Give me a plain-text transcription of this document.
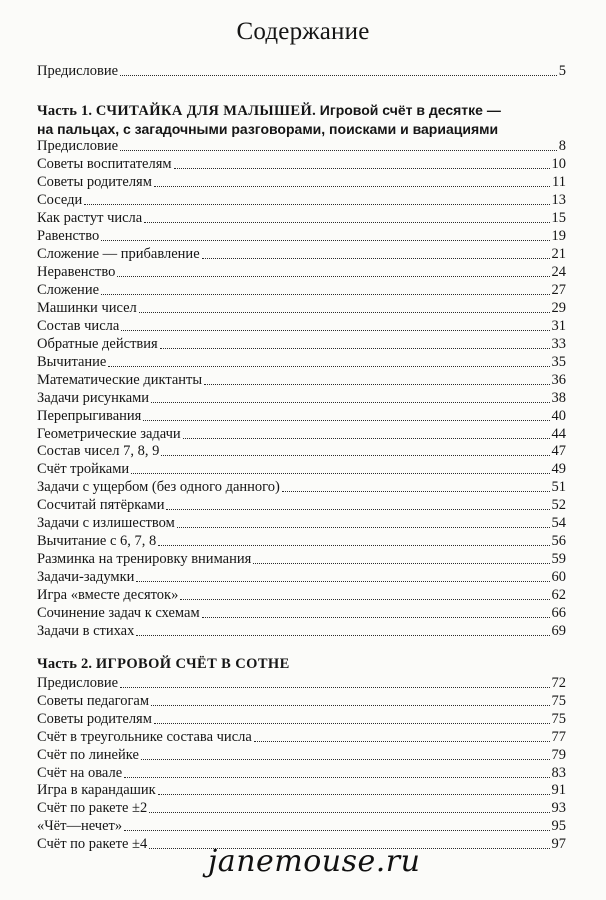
Содержание
Предисловие	5
Часть 1. СЧИТАЙКА ДЛЯ МАЛЫШЕЙ. Игровой счёт в десятке —
на пальцах, с загадочными разговорами, поисками и вариациями
Предисловие	8
Советы воспитателям	10
Советы родителям	11
Соседи	13
Как растут числа	15
Равенство	19
Сложение — прибавление	21
Неравенство	24
Сложение	27
Машинки чисел	29
Состав числа	31
Обратные действия	33
Вычитание	35
Математические диктанты	36
Задачи рисунками	38
Перепрыгивания	40
Геометрические задачи	44
Состав чисел 7, 8, 9	47
Счёт тройками	49
Задачи с ущербом (без одного данного)	51
Сосчитай пятёрками	52
Задачи с излишеством	54
Вычитание с 6, 7, 8	56
Разминка на тренировку внимания	59
Задачи-задумки	60
Игра «вместе десяток»	62
Сочинение задач к схемам	66
Задачи в стихах	69
Часть 2. ИГРОВОЙ СЧЁТ В СОТНЕ
Предисловие	72
Советы педагогам	75
Советы родителям	75
Счёт в треугольнике состава числа	77
Счёт по линейке	79
Счёт на овале	83
Игра в карандашик	91
Счёт по ракете ±2	93
«Чёт—нечет»	95
Счёт по ракете ±4	97
janemouse.ru
